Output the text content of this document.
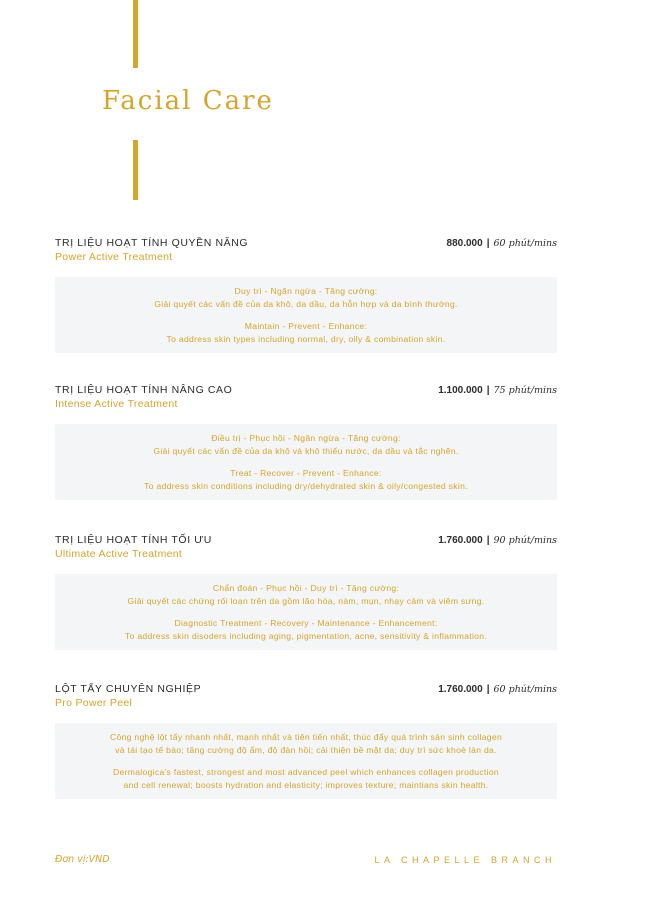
Facial Care
TRỊ LIỆU HOẠT TÍNH QUYỀN NĂNG	880.000 | 60 phút/mins
Power Active Treatment

Duy trì - Ngăn ngừa - Tăng cường:

Giải quyết các vấn đề của da khô, da dầu, da hỗn hợp và da bình thường.

Maintain - Prevent - Enhance:

To address skin types including normal, dry, oily & combination skin.

TRỊ LIỆU HOẠT TÍNH NÂNG CAO	1.100.000 | 75 phút/mins
Intense Active Treatment

Điều trị - Phục hồi - Ngăn ngừa - Tăng cường:

Giải quyết các vấn đề của da khô và khô thiếu nước, da dầu và tắc nghẽn.

Treat - Recover - Prevent - Enhance:

To address skin conditions including dry/dehydrated skin & oily/congested skin.

TRỊ LIỆU HOẠT TÍNH TỐI ƯU	1.760.000 | 90 phút/mins
Ultimate Active Treatment

Chẩn đoán - Phục hồi - Duy trì - Tăng cường:

Giải quyết các chứng rối loạn trên da gồm lão hóa, nám, mụn, nhạy cảm và viêm sưng.

Diagnostic Treatment - Recovery - Maintenance - Enhancement:

To address skin disoders including aging, pigmentation, acne, sensitivity & inflammation.

LỘT TẨY CHUYÊN NGHIỆP	1.760.000 | 60 phút/mins
Pro Power Peel

Công nghệ lột tẩy nhanh nhất, mạnh nhất và tiên tiến nhất, thúc đẩy quá trình sản sinh collagen

và tái tạo tế bào; tăng cường độ ẩm, độ đàn hồi; cải thiện bề mặt da; duy trì sức khoẻ làn da.

Dermalogica's fastest, strongest and most advanced peel which enhances collagen production

and cell renewal; boosts hydration and elasticity; improves texture; maintians skin health.

Đơn vị:VND	LA CHAPELLE BRANCH
